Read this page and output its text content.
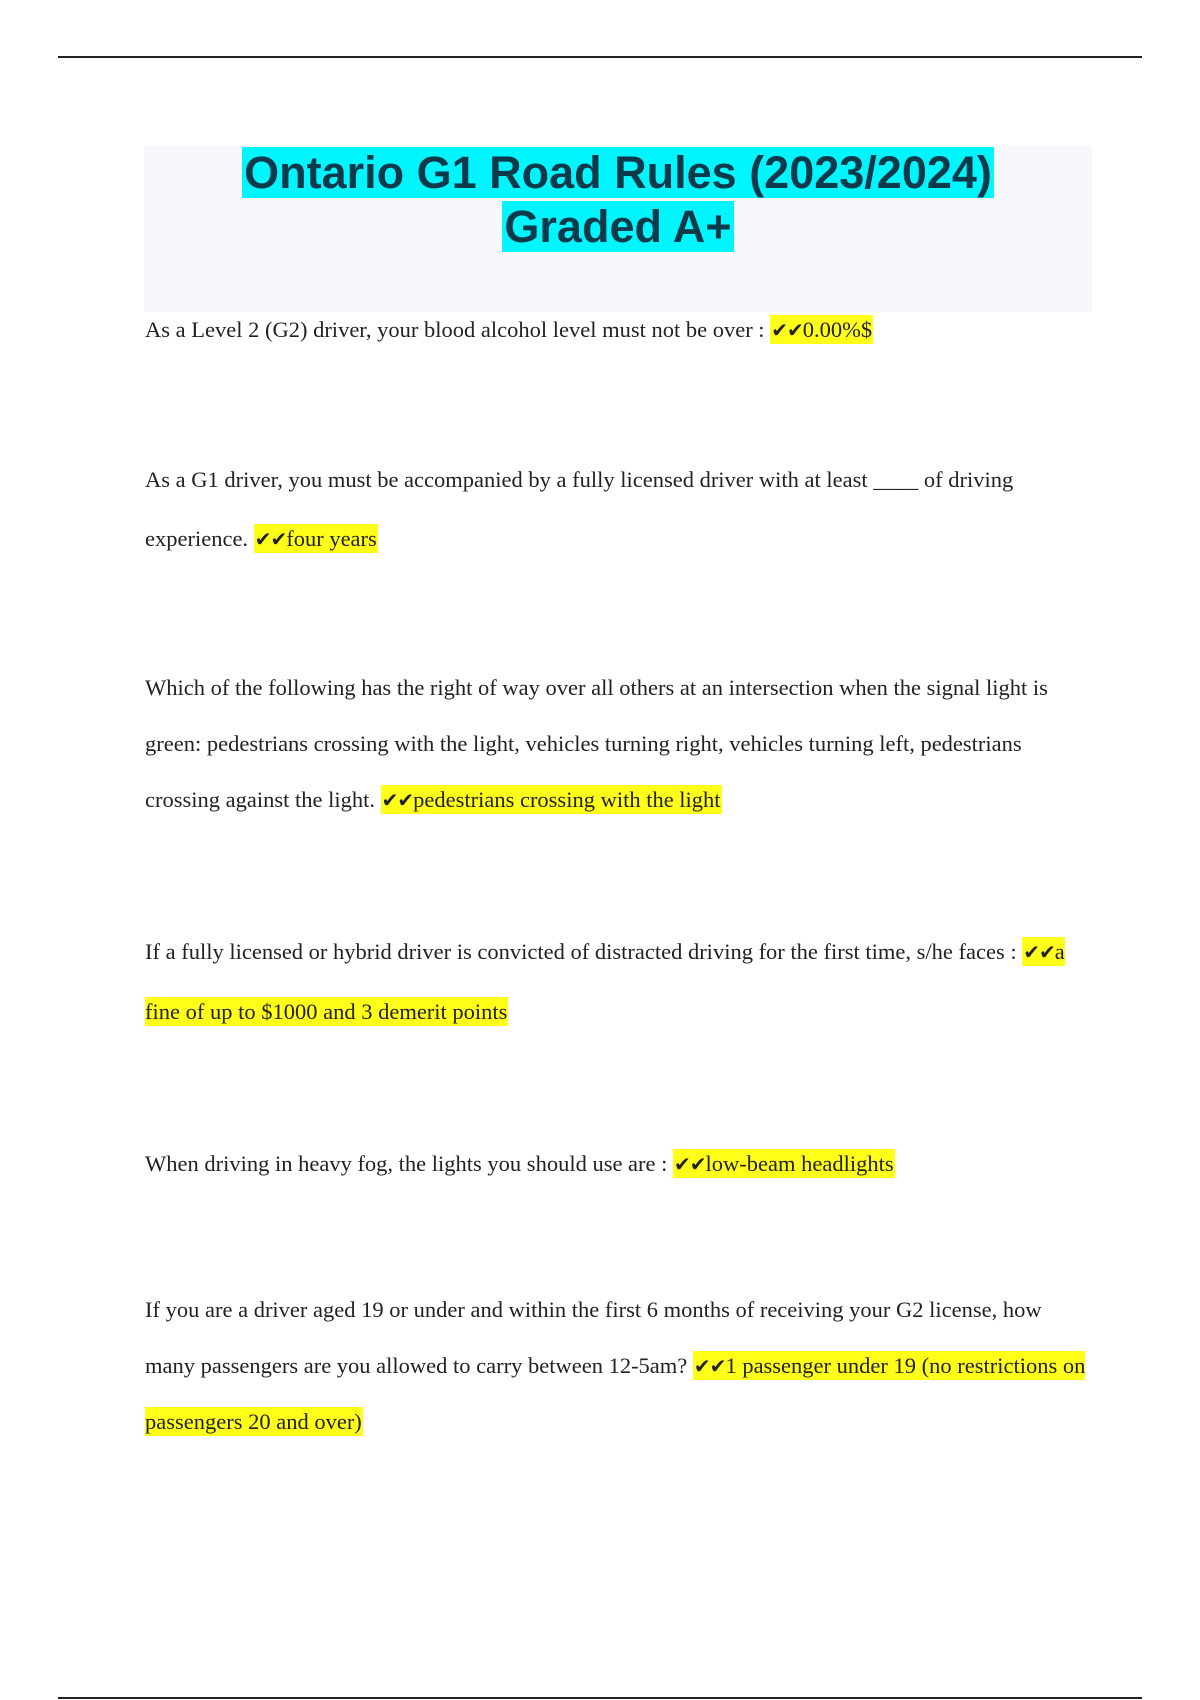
Ontario G1 Road Rules (2023/2024)
Graded A+

As a Level 2 (G2) driver, your blood alcohol level must not be over : ✔✔0.00%$

As a G1 driver, you must be accompanied by a fully licensed driver with at least ____ of driving experience. ✔✔four years

Which of the following has the right of way over all others at an intersection when the signal light is green: pedestrians crossing with the light, vehicles turning right, vehicles turning left, pedestrians crossing against the light. ✔✔pedestrians crossing with the light

If a fully licensed or hybrid driver is convicted of distracted driving for the first time, s/he faces : ✔✔a fine of up to $1000 and 3 demerit points

When driving in heavy fog, the lights you should use are : ✔✔low-beam headlights

If you are a driver aged 19 or under and within the first 6 months of receiving your G2 license, how many passengers are you allowed to carry between 12-5am? ✔✔1 passenger under 19 (no restrictions on passengers 20 and over)
